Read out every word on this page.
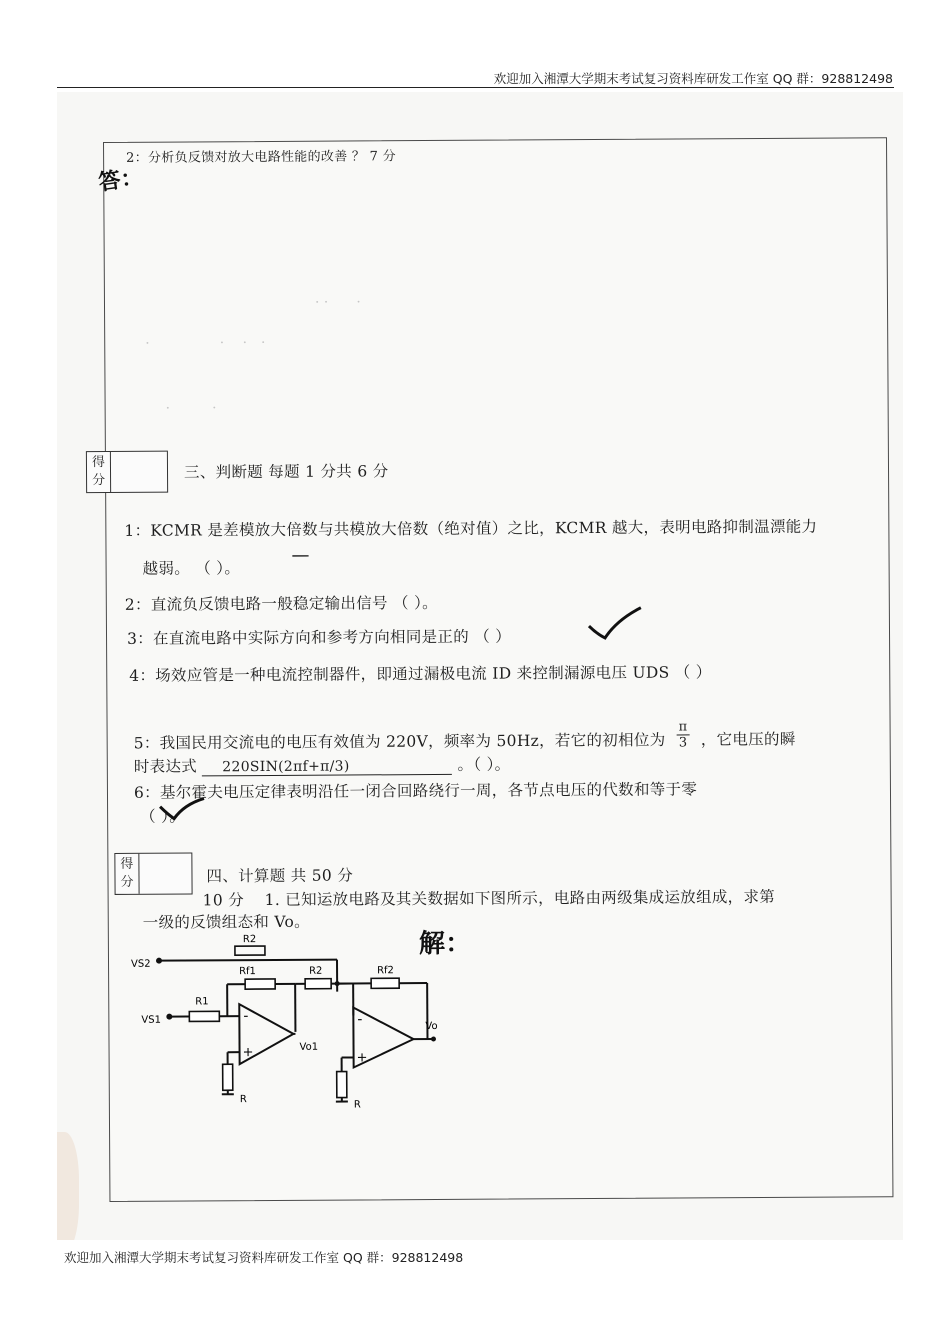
欢迎加入湘潭大学期末考试复习资料库研发工作室 QQ 群：928812498
· ·　　·
·　　　　　·　 ·　·
·　　　·
2：分析负反馈对放大电路性能的改善 ？ 7 分
答：
得
分	三、判断题 每题 1 分共 6 分
1：KCMR 是差模放大倍数与共模放大倍数（绝对值）之比，KCMR 越大，表明电路抑制温漂能力
越弱。 （ ）。
—
2：直流负反馈电路一般稳定输出信号 （ ）。
3：在直流电路中实际方向和参考方向相同是正的 （ ）
4：场效应管是一种电流控制器件，即通过漏极电流 ID 来控制漏源电压 UDS （ ）
5：我国民用交流电的电压有效值为 220V，频率为 50Hz，若它的初相位为 $\frac{\pi}{3}$ ，它电压的瞬
时表达式 220SIN(2πf+π/3)	。（ ）。
6：基尔霍夫电压定律表明沿任一闭合回路绕行一周，各节点电压的代数和等于零
（ ）。
得
分	四、计算题 共 50 分
10 分 1. 已知运放电路及其关数据如下图所示，电路由两级集成运放组成，求第
一级的反馈组态和 Vo。
解：
R2
Rf1	R2	Rf2
R1
VS2
VS1
Vo1
Vo
R	R
-
+
-
+
欢迎加入湘潭大学期末考试复习资料库研发工作室 QQ 群：928812498
